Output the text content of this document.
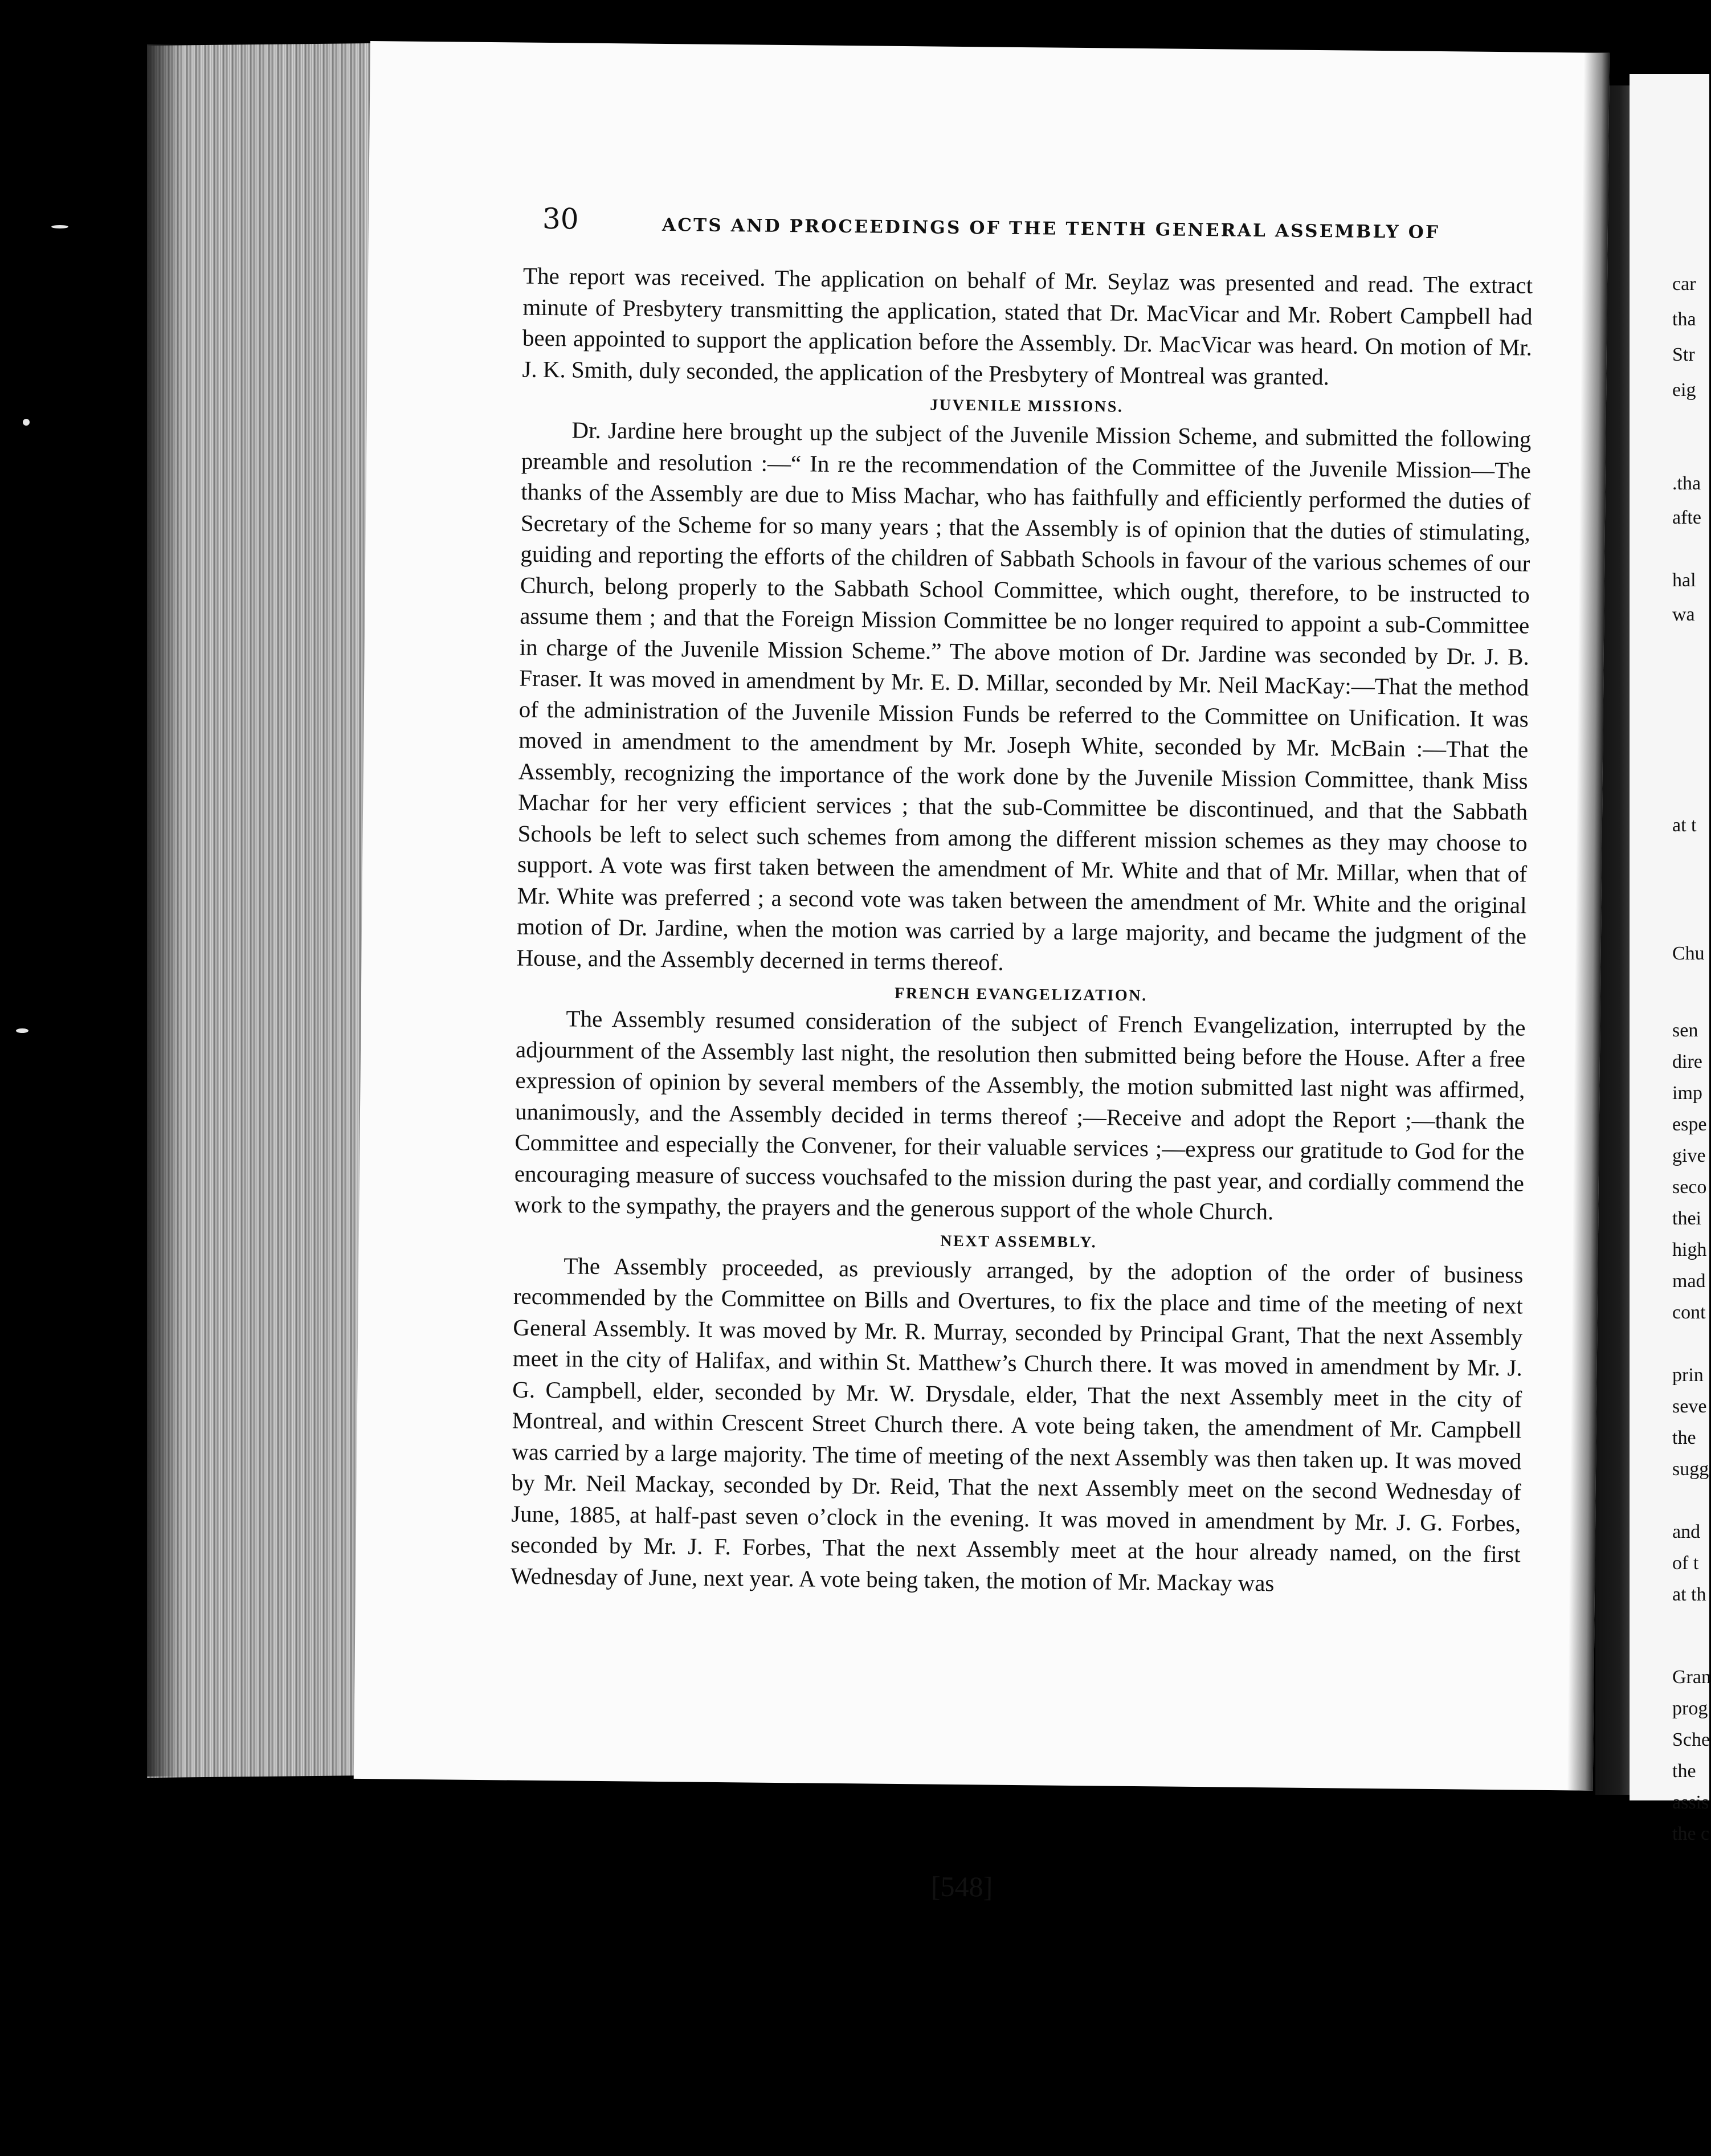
car
tha
Str
eig
.tha
afte
hal
wa
at t
Chu
sen
dire
imp
espe
give
seco
thei
high
mad
cont
prin
seve
the
sugg
and
of t
at th
Gran
prog
Sche
the
assis
the c
30	ACTS AND PROCEEDINGS OF THE TENTH GENERAL ASSEMBLY OF

The report was received. The application on behalf of Mr. Seylaz was presented and read. The extract minute of Presbytery transmitting the application, stated that Dr. MacVicar and Mr. Robert Campbell had been appointed to support the application before the Assembly. Dr. MacVicar was heard. On motion of Mr. J. K. Smith, duly seconded, the application of the Presbytery of Montreal was granted.

JUVENILE MISSIONS.

Dr. Jardine here brought up the subject of the Juvenile Mission Scheme, and submitted the following preamble and resolution :—“ In re the recommendation of the Committee of the Juvenile Mission—The thanks of the Assembly are due to Miss Machar, who has faithfully and efficiently performed the duties of Secretary of the Scheme for so many years ; that the Assembly is of opinion that the duties of stimulating, guiding and reporting the efforts of the children of Sabbath Schools in favour of the various schemes of our Church, belong properly to the Sabbath School Committee, which ought, therefore, to be instructed to assume them ; and that the Foreign Mission Committee be no longer required to appoint a sub-Committee in charge of the Juvenile Mission Scheme.” The above motion of Dr. Jardine was seconded by Dr. J. B. Fraser. It was moved in amendment by Mr. E. D. Millar, seconded by Mr. Neil MacKay:—That the method of the administration of the Juvenile Mission Funds be referred to the Committee on Unification. It was moved in amendment to the amendment by Mr. Joseph White, seconded by Mr. McBain :—That the Assembly, recognizing the importance of the work done by the Juvenile Mission Committee, thank Miss Machar for her very efficient services ; that the sub-Committee be discontinued, and that the Sabbath Schools be left to select such schemes from among the different mission schemes as they may choose to support. A vote was first taken between the amendment of Mr. White and that of Mr. Millar, when that of Mr. White was preferred ; a second vote was taken between the amendment of Mr. White and the original motion of Dr. Jardine, when the motion was carried by a large majority, and became the judgment of the House, and the Assembly decerned in terms thereof.

FRENCH EVANGELIZATION.

The Assembly resumed consideration of the subject of French Evangelization, interrupted by the adjournment of the Assembly last night, the resolution then submitted being before the House. After a free expression of opinion by several members of the Assembly, the motion submitted last night was affirmed, unanimously, and the Assembly decided in terms thereof ;—Receive and adopt the Report ;—thank the Committee and especially the Convener, for their valuable services ;—express our gratitude to God for the encouraging measure of success vouchsafed to the mission during the past year, and cordially commend the work to the sympathy, the prayers and the generous support of the whole Church.

NEXT ASSEMBLY.

The Assembly proceeded, as previously arranged, by the adoption of the order of business recommended by the Committee on Bills and Overtures, to fix the place and time of the meeting of next General Assembly. It was moved by Mr. R. Murray, seconded by Principal Grant, That the next Assembly meet in the city of Halifax, and within St. Matthew’s Church there. It was moved in amendment by Mr. J. G. Campbell, elder, seconded by Mr. W. Drysdale, elder, That the next Assembly meet in the city of Montreal, and within Crescent Street Church there. A vote being taken, the amendment of Mr. Campbell was carried by a large majority. The time of meeting of the next Assembly was then taken up. It was moved by Mr. Neil Mackay, seconded by Dr. Reid, That the next Assembly meet on the second Wednesday of June, 1885, at half-past seven o’clock in the evening. It was moved in amendment by Mr. J. G. Forbes, seconded by Mr. J. F. Forbes, That the next Assembly meet at the hour already named, on the first Wednesday of June, next year. A vote being taken, the motion of Mr. Mackay was

[548]
